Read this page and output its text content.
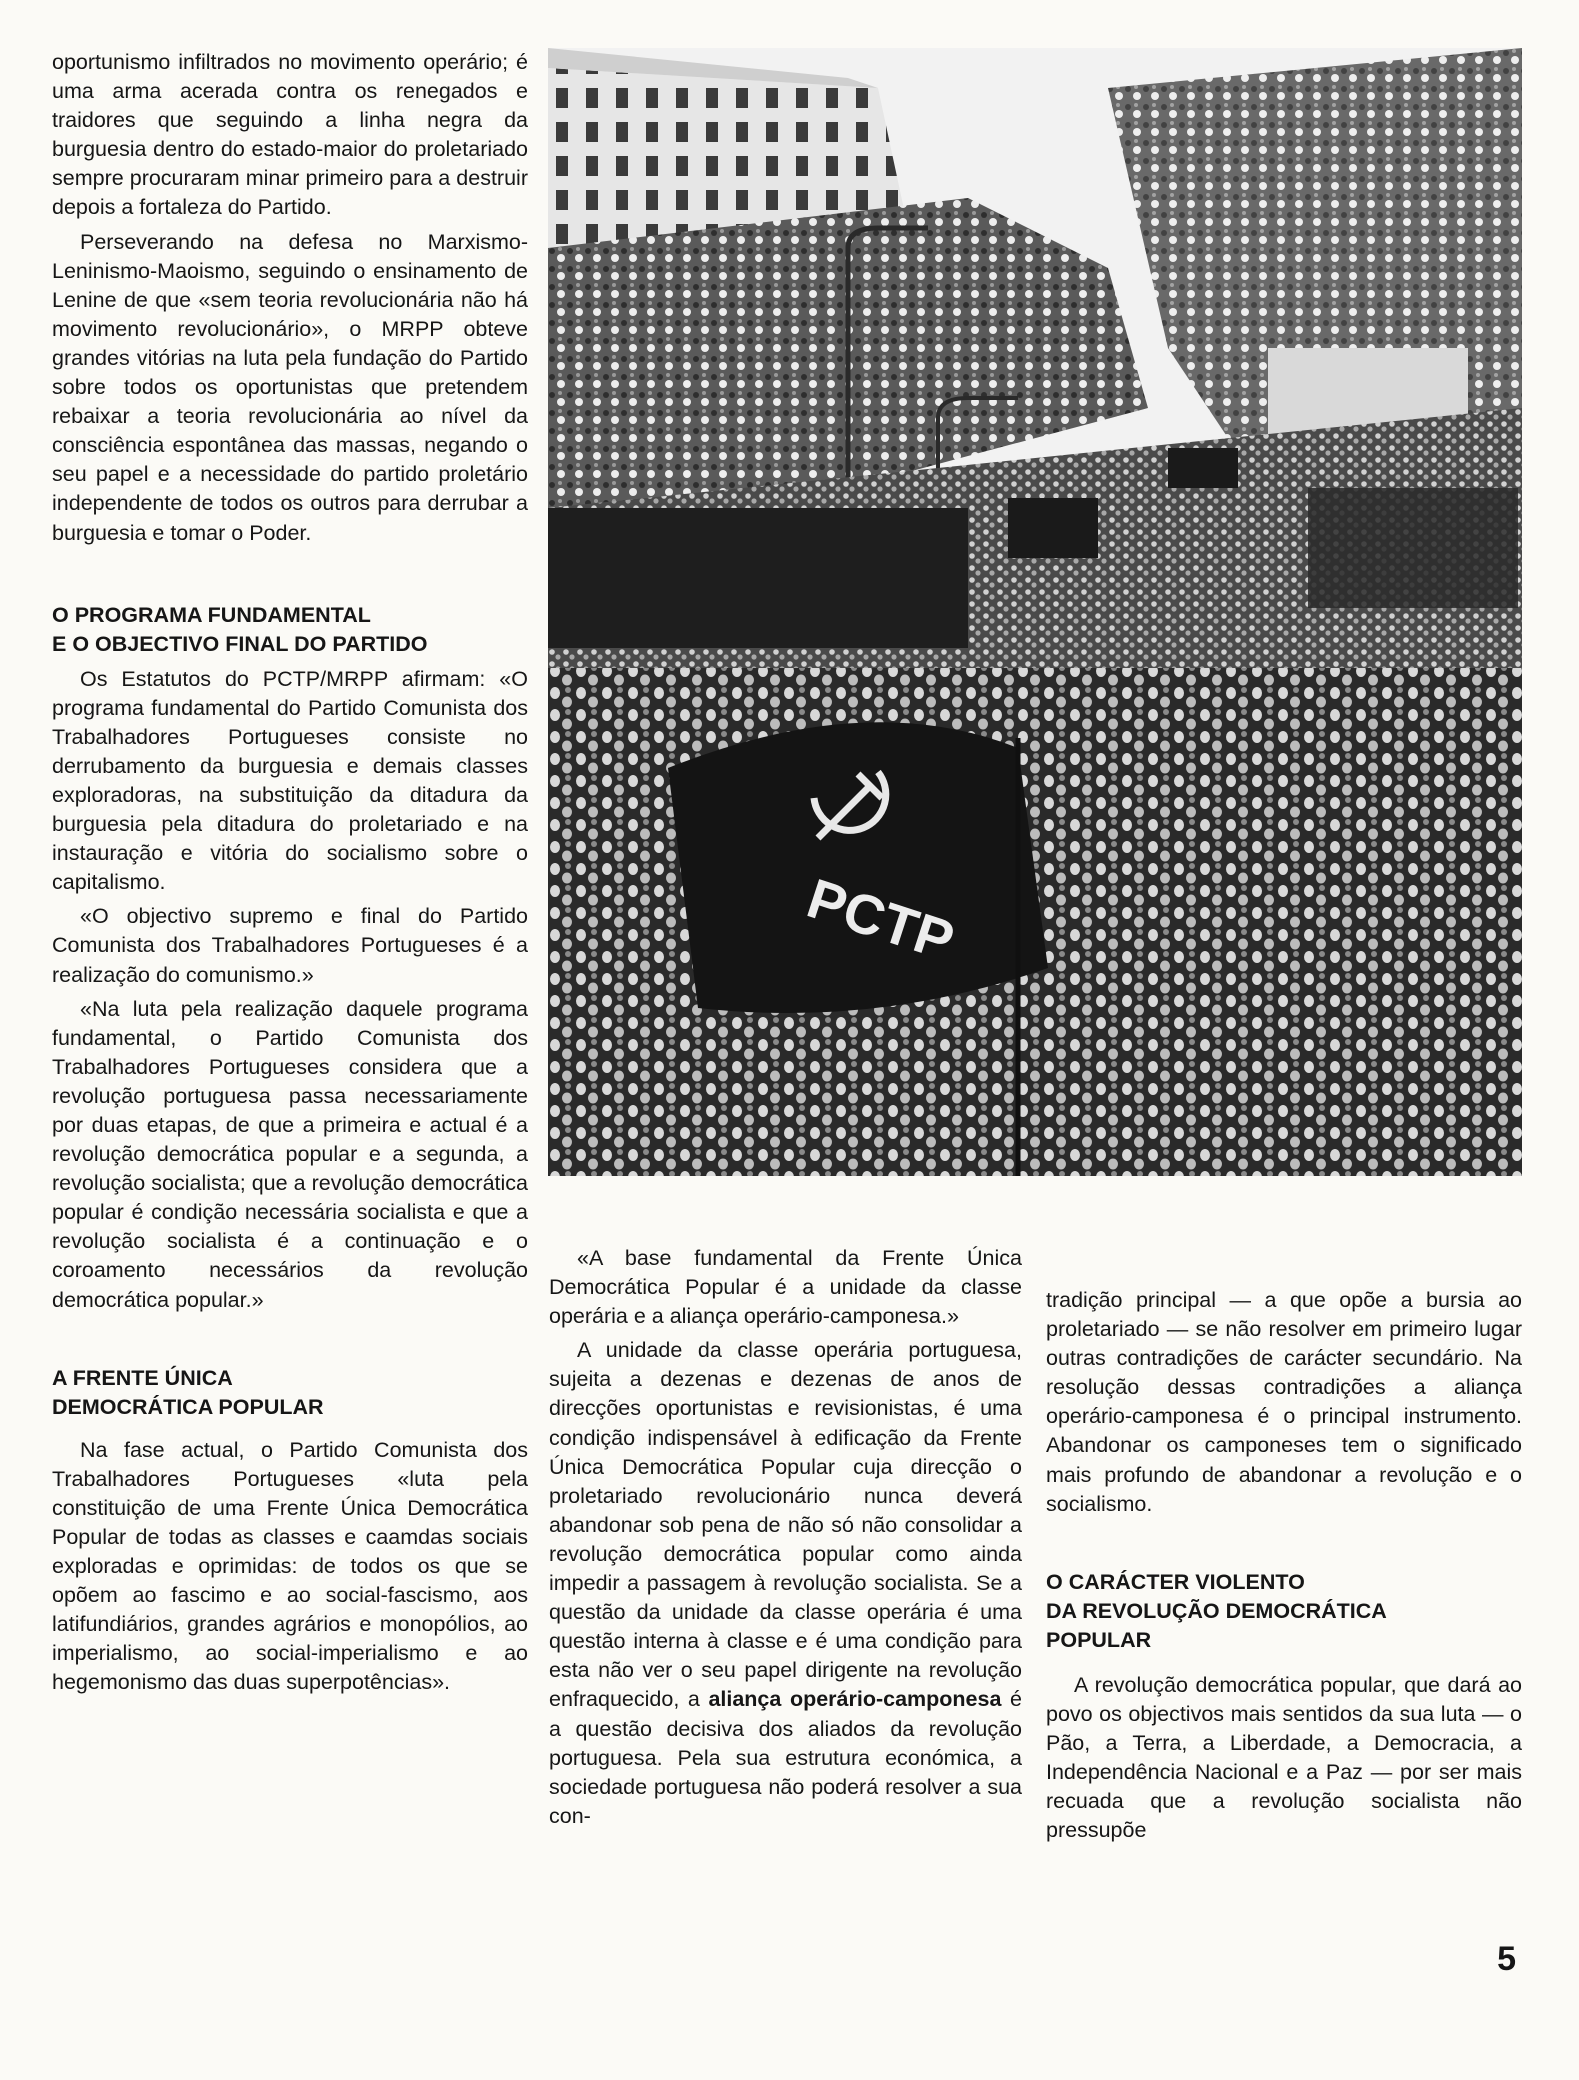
oportunismo infiltrados no movimento operário; é uma arma acerada contra os renegados e traidores que seguindo a linha negra da burguesia dentro do estado-maior do proletariado sempre procuraram minar primeiro para a destruir depois a fortaleza do Partido.

Perseverando na defesa no Marxismo-Leninismo-Maoismo, seguindo o ensinamento de Lenine de que «sem teoria revolucionária não há movimento revolucionário», o MRPP obteve grandes vitórias na luta pela fundação do Partido sobre todos os oportunistas que pretendem rebaixar a teoria revolucionária ao nível da consciência espontânea das massas, negando o seu papel e a necessidade do partido proletário independente de todos os outros para derrubar a burguesia e tomar o Poder.

O PROGRAMA FUNDAMENTAL
E O OBJECTIVO FINAL DO PARTIDO

Os Estatutos do PCTP/MRPP afirmam: «O programa fundamental do Partido Comunista dos Trabalhadores Portugueses consiste no derrubamento da burguesia e demais classes exploradoras, na substituição da ditadura da burguesia pela ditadura do proletariado e na instauração e vitória do socialismo sobre o capitalismo.

«O objectivo supremo e final do Partido Comunista dos Trabalhadores Portugueses é a realização do comunismo.»

«Na luta pela realização daquele programa fundamental, o Partido Comunista dos Trabalhadores Portugueses considera que a revolução portuguesa passa necessariamente por duas etapas, de que a primeira e actual é a revolução democrática popular e a segunda, a revolução socialista; que a revolução democrática popular é condição necessária socialista e que a revolução socialista é a continuação e o coroamento necessários da revolução democrática popular.»

A FRENTE ÚNICA
DEMOCRÁTICA POPULAR

Na fase actual, o Partido Comunista dos Trabalhadores Portugueses «luta pela constituição de uma Frente Única Democrática Popular de todas as classes e caamdas sociais exploradas e oprimidas: de todos os que se opõem ao fascimo e ao social-fascismo, aos latifundiários, grandes agrários e monopólios, ao imperialismo, ao social-imperialismo e ao hegemonismo das duas superpotências».

PCTP

«A base fundamental da Frente Única Democrática Popular é a unidade da classe operária e a aliança operário-camponesa.»

A unidade da classe operária portuguesa, sujeita a dezenas e dezenas de anos de direcções oportunistas e revisionistas, é uma condição indispensável à edificação da Frente Única Democrática Popular cuja direcção o proletariado revolucionário nunca deverá abandonar sob pena de não só não consolidar a revolução democrática popular como ainda impedir a passagem à revolução socialista. Se a questão da unidade da classe operária é uma questão interna à classe e é uma condição para esta não ver o seu papel dirigente na revolução enfraquecido, a aliança operário-camponesa é a questão decisiva dos aliados da revolução portuguesa. Pela sua estrutura económica, a sociedade portuguesa não poderá resolver a sua con-

tradição principal — a que opõe a bursia ao proletariado — se não resolver em primeiro lugar outras contradições de carácter secundário. Na resolução dessas contradições a aliança operário-camponesa é o principal instrumento. Abandonar os camponeses tem o significado mais profundo de abandonar a revolução e o socialismo.

O CARÁCTER VIOLENTO
DA REVOLUÇÃO DEMOCRÁTICA
POPULAR

A revolução democrática popular, que dará ao povo os objectivos mais sentidos da sua luta — o Pão, a Terra, a Liberdade, a Democracia, a Independência Nacional e a Paz — por ser mais recuada que a revolução socialista não pressupõe

5
